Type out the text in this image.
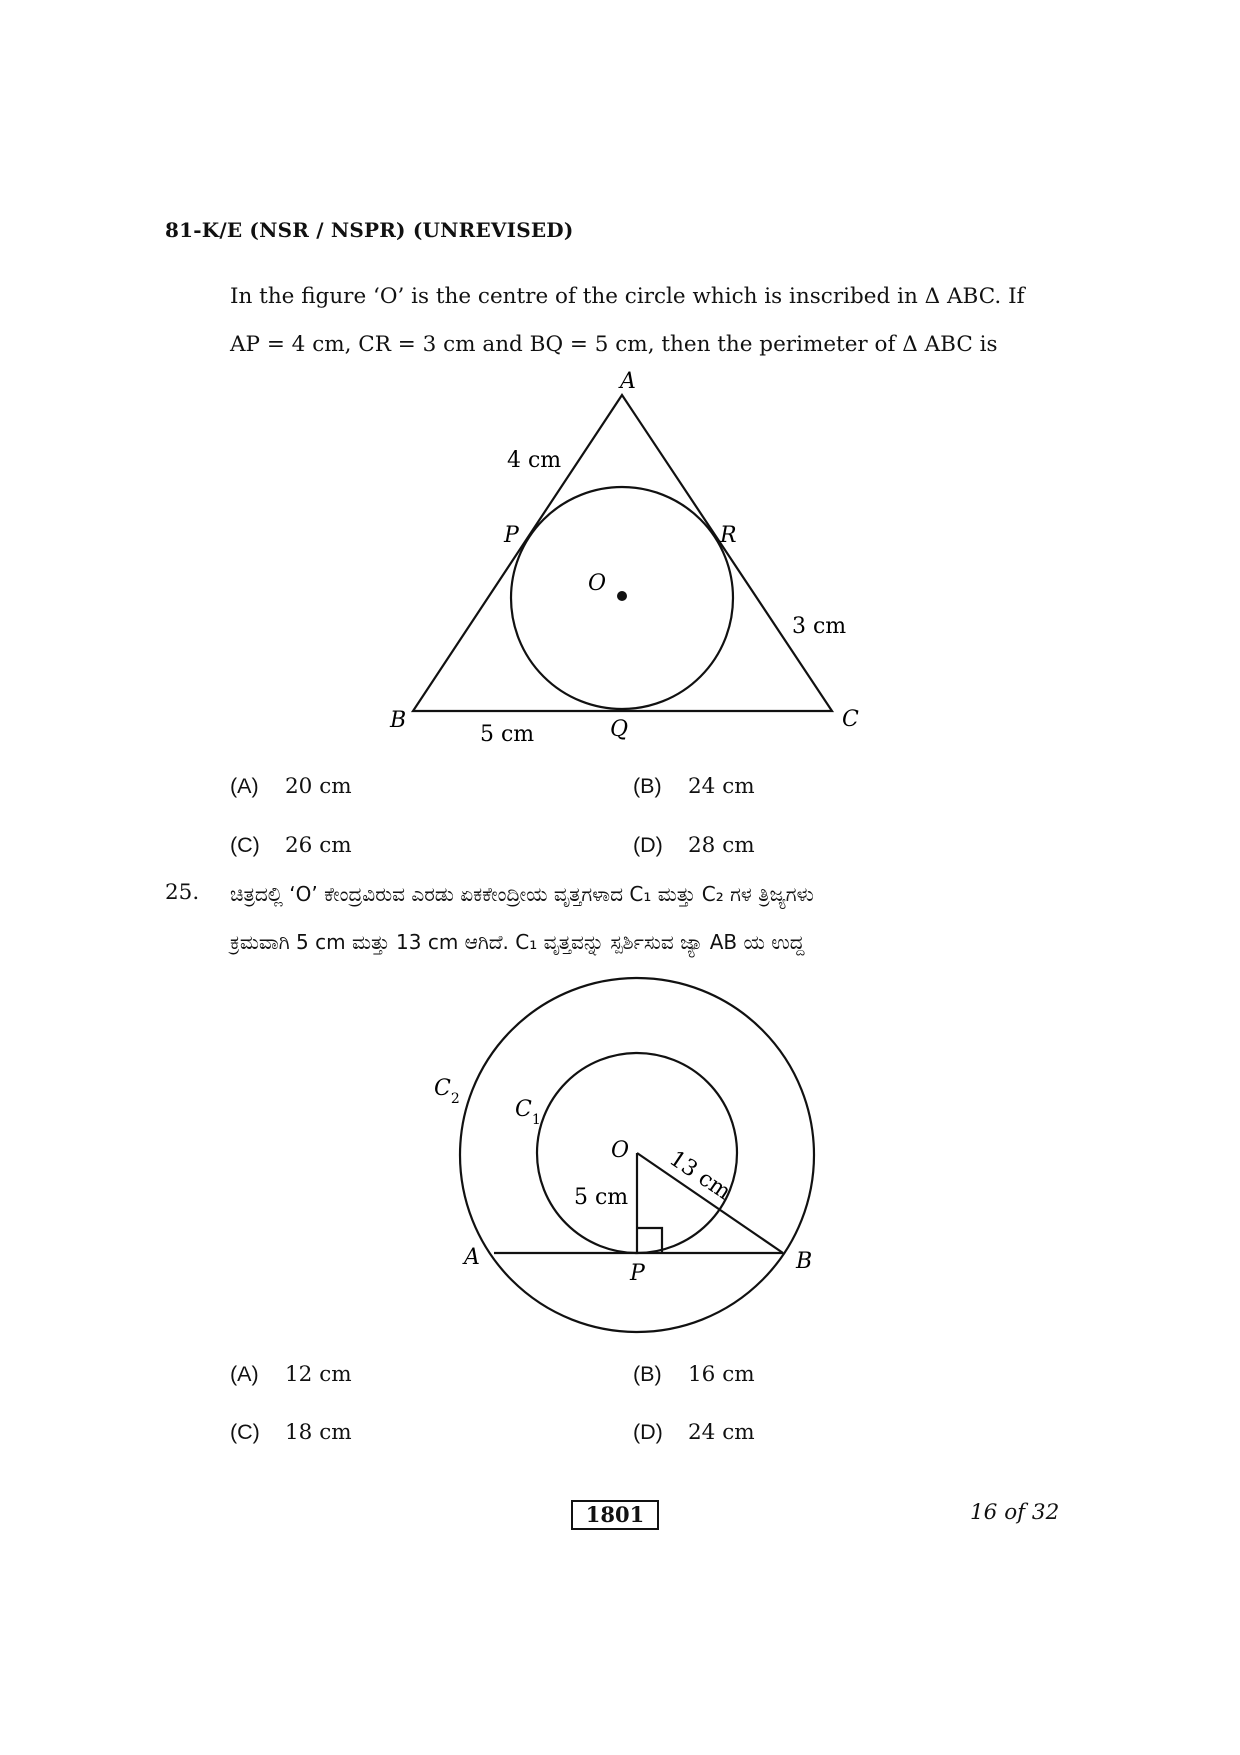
81-K/E (NSR / NSPR) (UNREVISED)
In the figure ‘O’ is the centre of the circle which is inscribed in Δ ABC. If
AP = 4 cm, CR = 3 cm and BQ = 5 cm, then the perimeter of Δ ABC is
A
P	R
O
B	Q	C
4 cm
3 cm
5 cm
(A) 20 cm	(B) 24 cm
(C) 26 cm	(D) 28 cm
25. ಚಿತ್ರದಲ್ಲಿ ‘O’ ಕೇಂದ್ರವಿರುವ ಎರಡು ಏಕಕೇಂದ್ರೀಯ ವೃತ್ತಗಳಾದ C₁ ಮತ್ತು C₂ ಗಳ ತ್ರಿಜ್ಯಗಳು
ಕ್ರಮವಾಗಿ 5 cm ಮತ್ತು 13 cm ಆಗಿದೆ. C₁ ವೃತ್ತವನ್ನು ಸ್ಪರ್ಶಿಸುವ ಜ್ಯಾ AB ಯ ಉದ್ದ
$C_2$	$C_1$
O
5 cm 13 cm
A
P	B
(A) 12 cm	(B) 16 cm
(C) 18 cm	(D) 24 cm
1801	16 of 32
